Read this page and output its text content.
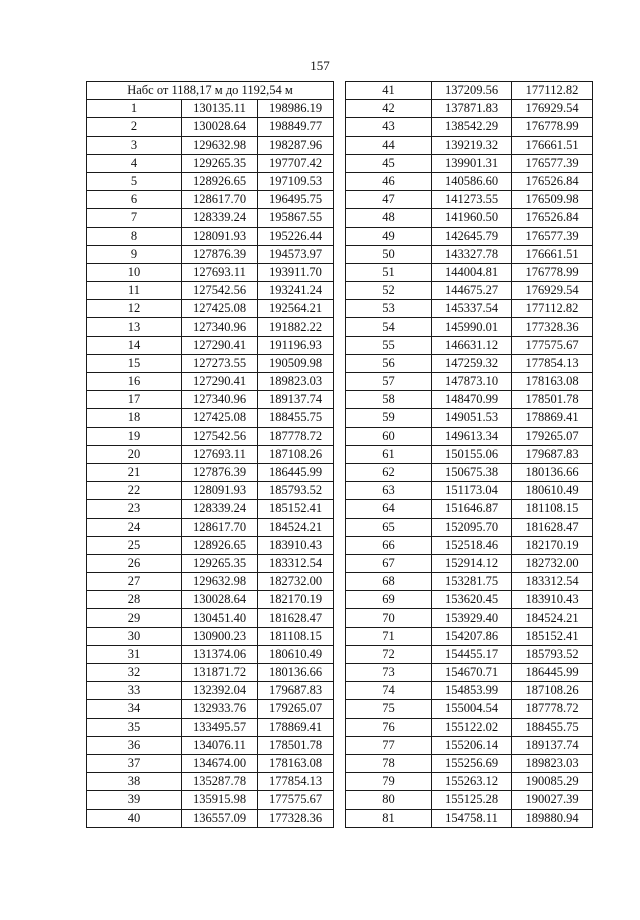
157
Набс от 1188,17 м до 1192,54 м		
1	130135.11	198986.19
2	130028.64	198849.77
3	129632.98	198287.96
4	129265.35	197707.42
5	128926.65	197109.53
6	128617.70	196495.75
7	128339.24	195867.55
8	128091.93	195226.44
9	127876.39	194573.97
10	127693.11	193911.70
11	127542.56	193241.24
12	127425.08	192564.21
13	127340.96	191882.22
14	127290.41	191196.93
15	127273.55	190509.98
16	127290.41	189823.03
17	127340.96	189137.74
18	127425.08	188455.75
19	127542.56	187778.72
20	127693.11	187108.26
21	127876.39	186445.99
22	128091.93	185793.52
23	128339.24	185152.41
24	128617.70	184524.21
25	128926.65	183910.43
26	129265.35	183312.54
27	129632.98	182732.00
28	130028.64	182170.19
29	130451.40	181628.47
30	130900.23	181108.15
31	131374.06	180610.49
32	131871.72	180136.66
33	132392.04	179687.83
34	132933.76	179265.07
35	133495.57	178869.41
36	134076.11	178501.78
37	134674.00	178163.08
38	135287.78	177854.13
39	135915.98	177575.67
40	136557.09	177328.36
41	137209.56	177112.82
42	137871.83	176929.54
43	138542.29	176778.99
44	139219.32	176661.51
45	139901.31	176577.39
46	140586.60	176526.84
47	141273.55	176509.98
48	141960.50	176526.84
49	142645.79	176577.39
50	143327.78	176661.51
51	144004.81	176778.99
52	144675.27	176929.54
53	145337.54	177112.82
54	145990.01	177328.36
55	146631.12	177575.67
56	147259.32	177854.13
57	147873.10	178163.08
58	148470.99	178501.78
59	149051.53	178869.41
60	149613.34	179265.07
61	150155.06	179687.83
62	150675.38	180136.66
63	151173.04	180610.49
64	151646.87	181108.15
65	152095.70	181628.47
66	152518.46	182170.19
67	152914.12	182732.00
68	153281.75	183312.54
69	153620.45	183910.43
70	153929.40	184524.21
71	154207.86	185152.41
72	154455.17	185793.52
73	154670.71	186445.99
74	154853.99	187108.26
75	155004.54	187778.72
76	155122.02	188455.75
77	155206.14	189137.74
78	155256.69	189823.03
79	155263.12	190085.29
80	155125.28	190027.39
81	154758.11	189880.94
